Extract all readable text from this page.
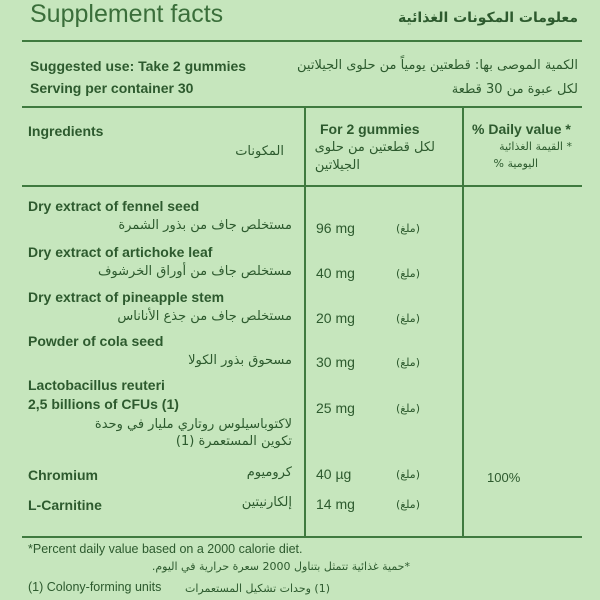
Supplement facts	معلومات المكونات الغذائية
Suggested use: Take 2 gummies	الكمية الموصى بها: قطعتين يومياً من حلوى الجيلاتين
Serving per container 30	لكل عبوة من 30 قطعة
Ingredients
المكونات
For 2 gummies
لكل قطعتين من حلوى
الجيلاتين
% Daily value *
* القيمة الغذائية
اليومية %
Dry extract of fennel seed
مستخلص جاف من بذور الشمرة 96 mg	(ملغ)
Dry extract of artichoke leaf
مستخلص جاف من أوراق الخرشوف 40 mg	(ملغ)
Dry extract of pineapple stem
مستخلص جاف من جذع الأناناس 20 mg	(ملغ)
Powder of cola seed
مسحوق بذور الكولا 30 mg	(ملغ)
Lactobacillus reuteri
2,5 billions of CFUs (1)
لاكتوباسيلوس روتاري مليار في وحدة
تكوين المستعمرة (1)
25 mg	(ملغ)
Chromium	كروميوم 40 µg	(ملغ)	100%
L-Carnitine	إلكارنيتين 14 mg	(ملغ)
*Percent daily value based on a 2000 calorie diet.
*حمية غذائية تتمثل بتناول 2000 سعرة حرارية في اليوم.
(1) Colony-forming units (1) وحدات تشكيل المستعمرات
